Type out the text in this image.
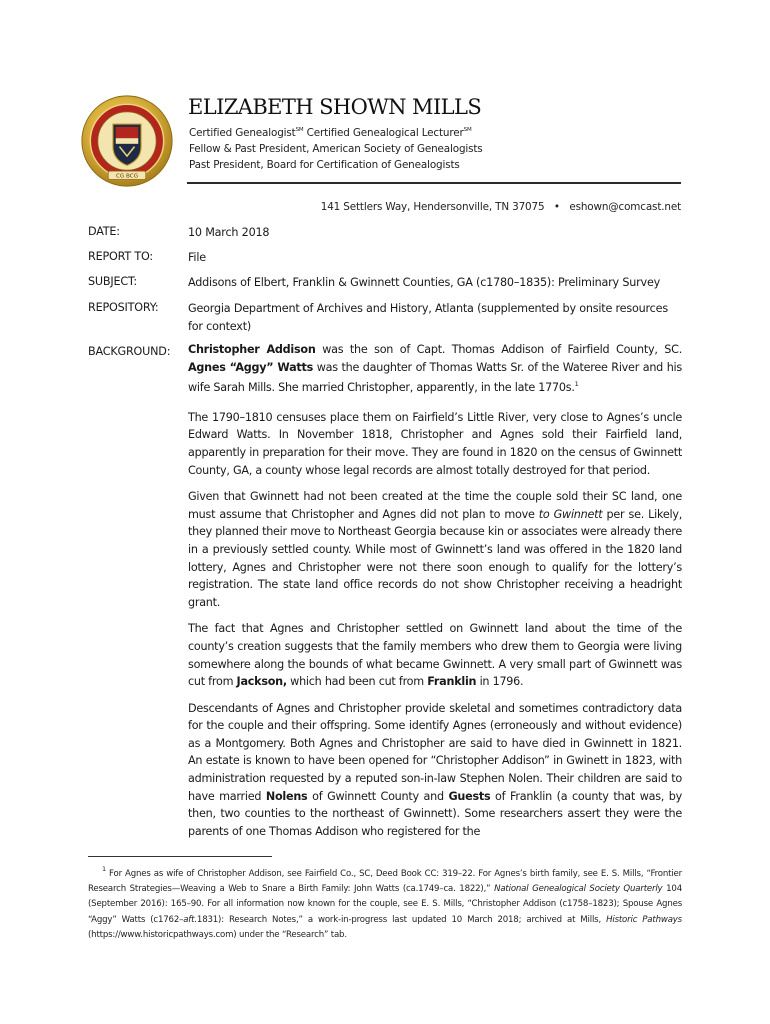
CG BCG
ELIZABETH SHOWN MILLS

Certified Genealogist℠ Certified Genealogical Lecturer℠

Fellow & Past President, American Society of Genealogists

Past President, Board for Certification of Genealogists

141 Settlers Way, Hendersonville, TN 37075 • eshown@comcast.net

DATE:	10 March 2018

REPORT TO:	File

SUBJECT:	Addisons of Elbert, Franklin & Gwinnett Counties, GA (c1780–1835): Preliminary Survey

REPOSITORY:	Georgia Department of Archives and History, Atlanta (supplemented by onsite resources for context)

BACKGROUND: Christopher Addison was the son of Capt. Thomas Addison of Fairfield County, SC. Agnes “Aggy” Watts was the daughter of Thomas Watts Sr. of the Wateree River and his wife Sarah Mills. She married Christopher, apparently, in the late 1770s.$^1$

The 1790–1810 censuses place them on Fairfield’s Little River, very close to Agnes’s uncle Edward Watts. In November 1818, Christopher and Agnes sold their Fairfield land, apparently in preparation for their move. They are found in 1820 on the census of Gwinnett County, GA, a county whose legal records are almost totally destroyed for that period.

Given that Gwinnett had not been created at the time the couple sold their SC land, one must assume that Christopher and Agnes did not plan to move to Gwinnett per se. Likely, they planned their move to Northeast Georgia because kin or associates were already there in a previously settled county. While most of Gwinnett’s land was offered in the 1820 land lottery, Agnes and Christopher were not there soon enough to qualify for the lottery’s registration. The state land office records do not show Christopher receiving a headright grant.

The fact that Agnes and Christopher settled on Gwinnett land about the time of the county’s creation suggests that the family members who drew them to Georgia were living somewhere along the bounds of what became Gwinnett. A very small part of Gwinnett was cut from Jackson, which had been cut from Franklin in 1796.

Descendants of Agnes and Christopher provide skeletal and sometimes contradictory data for the couple and their offspring. Some identify Agnes (erroneously and without evidence) as a Montgomery. Both Agnes and Christopher are said to have died in Gwinnett in 1821. An estate is known to have been opened for “Christopher Addison” in Gwinett in 1823, with administration requested by a reputed son-in-law Stephen Nolen. Their children are said to have married Nolens of Gwinnett County and Guests of Franklin (a county that was, by then, two counties to the northeast of Gwinnett). Some researchers assert they were the parents of one Thomas Addison who registered for the

$^1$ For Agnes as wife of Christopher Addison, see Fairfield Co., SC, Deed Book CC: 319–22. For Agnes’s birth family, see E. S. Mills, “Frontier Research Strategies—Weaving a Web to Snare a Birth Family: John Watts (ca.1749–ca. 1822),” National Genealogical Society Quarterly 104 (September 2016): 165–90. For all information now known for the couple, see E. S. Mills, “Christopher Addison (c1758–1823); Spouse Agnes “Aggy” Watts (c1762–aft.1831): Research Notes,” a work-in-progress last updated 10 March 2018; archived at Mills, Historic Pathways (https://www.historicpathways.com) under the “Research” tab.
